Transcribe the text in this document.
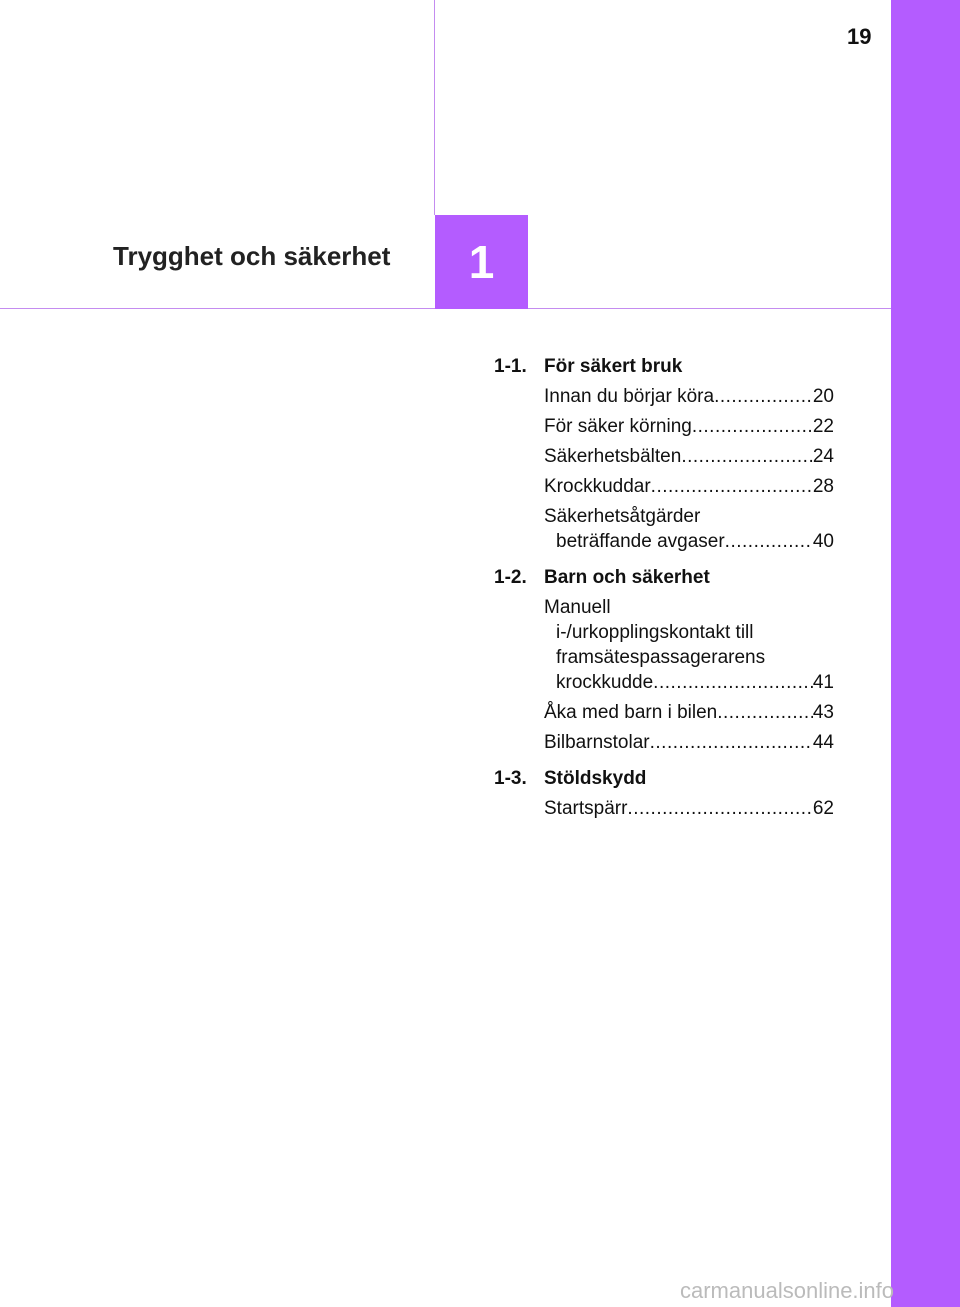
19
Trygghet och säkerhet 1
1-1. För säkert bruk
Innan du börjar köra .....	20
För säker körning .....	22
Säkerhetsbälten .....	24
Krockkuddar .....	28
Säkerhetsåtgärder
beträffande avgaser .....	40
1-2. Barn och säkerhet
Manuell
i-/urkopplingskontakt till
framsätespassagerarens
krockkudde .....	41
Åka med barn i bilen .....	43
Bilbarnstolar .....	44
1-3. Stöldskydd
Startspärr .....	62
carmanualsonline.info
